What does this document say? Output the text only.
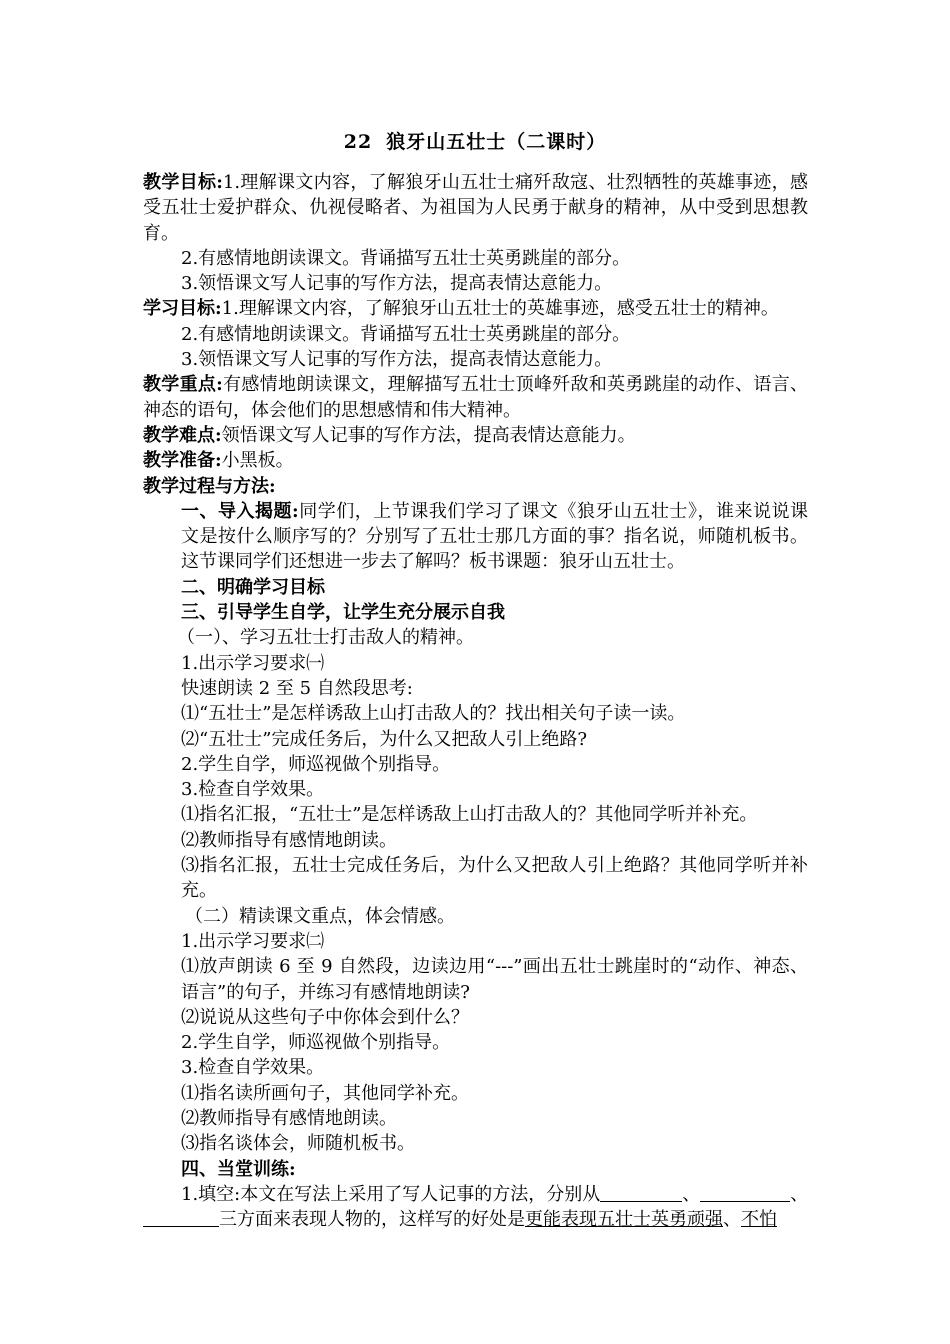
22 狼牙山五壮士（二课时）

教学目标:1.理解课文内容，了解狼牙山五壮士痛歼敌寇、壮烈牺牲的英雄事迹，感受五壮士爱护群众、仇视侵略者、为祖国为人民勇于献身的精神，从中受到思想教育。

2.有感情地朗读课文。背诵描写五壮士英勇跳崖的部分。

3.领悟课文写人记事的写作方法，提高表情达意能力。

学习目标:1.理解课文内容，了解狼牙山五壮士的英雄事迹，感受五壮士的精神。

2.有感情地朗读课文。背诵描写五壮士英勇跳崖的部分。

3.领悟课文写人记事的写作方法，提高表情达意能力。

教学重点:有感情地朗读课文，理解描写五壮士顶峰歼敌和英勇跳崖的动作、语言、神态的语句，体会他们的思想感情和伟大精神。

教学难点:领悟课文写人记事的写作方法，提高表情达意能力。

教学准备:小黑板。

教学过程与方法:

一、导入揭题:同学们，上节课我们学习了课文《狼牙山五壮士》，谁来说说课文是按什么顺序写的？分别写了五壮士那几方面的事？指名说，师随机板书。这节课同学们还想进一步去了解吗？板书课题：狼牙山五壮士。

二、明确学习目标

三、引导学生自学，让学生充分展示自我

（一）、学习五壮士打击敌人的精神。

1.出示学习要求㈠

快速朗读 2 至 5 自然段思考:

⑴“五壮士”是怎样诱敌上山打击敌人的？找出相关句子读一读。

⑵“五壮士”完成任务后，为什么又把敌人引上绝路?

2.学生自学，师巡视做个别指导。

3.检查自学效果。

⑴指名汇报，“五壮士”是怎样诱敌上山打击敌人的？其他同学听并补充。

⑵教师指导有感情地朗读。

⑶指名汇报，五壮士完成任务后，为什么又把敌人引上绝路？其他同学听并补充。

（二）精读课文重点，体会情感。

1.出示学习要求㈡

⑴放声朗读 6 至 9 自然段，边读边用“---”画出五壮士跳崖时的“动作、神态、语言”的句子，并练习有感情地朗读?

⑵说说从这些句子中你体会到什么？

2.学生自学，师巡视做个别指导。

3.检查自学效果。

⑴指名读所画句子，其他同学补充。

⑵教师指导有感情地朗读。

⑶指名谈体会，师随机板书。

四、当堂训练:

1.填空:本文在写法上采用了写人记事的方法，分别从	、	、

三方面来表现人物的，这样写的好处是更能表现五壮士英勇顽强、不怕
